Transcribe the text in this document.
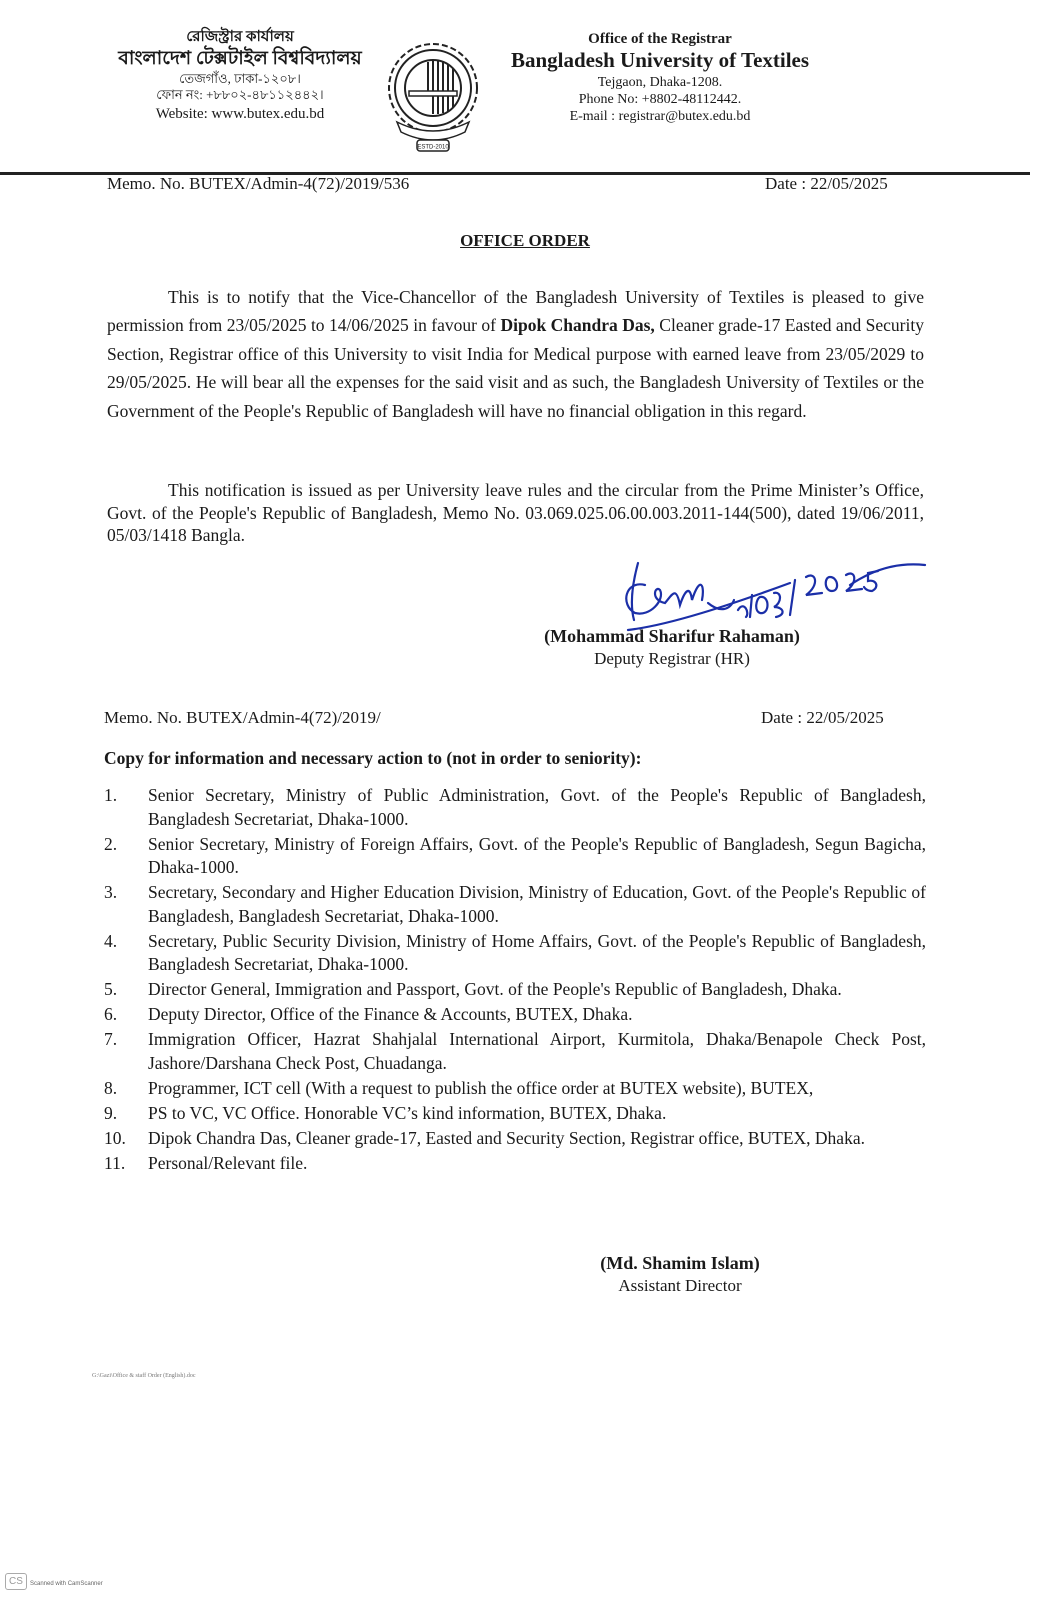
রেজিস্ট্রার কার্যালয়
বাংলাদেশ টেক্সটাইল বিশ্ববিদ্যালয়
তেজগাঁও, ঢাকা-১২০৮।
ফোন নং: +৮৮০২-৪৮১১২৪৪২।
Website: www.butex.edu.bd
ESTD-2010
Office of the Registrar
Bangladesh University of Textiles
Tejgaon, Dhaka-1208.
Phone No: +8802-48112442.
E-mail : registrar@butex.edu.bd
Memo. No. BUTEX/Admin-4(72)/2019/536	Date : 22/05/2025
OFFICE ORDER
This is to notify that the Vice-Chancellor of the Bangladesh University of Textiles is pleased to give permission from 23/05/2025 to 14/06/2025 in favour of Dipok Chandra Das, Cleaner grade-17 Easted and Security Section, Registrar office of this University to visit India for Medical purpose with earned leave from 23/05/2029 to 29/05/2025. He will bear all the expenses for the said visit and as such, the Bangladesh University of Textiles or the Government of the People's Republic of Bangladesh will have no financial obligation in this regard.
This notification is issued as per University leave rules and the circular from the Prime Minister’s Office, Govt. of the People's Republic of Bangladesh, Memo No. 03.069.025.06.00.003.2011-144(500), dated 19/06/2011, 05/03/1418 Bangla.
(Mohammad Sharifur Rahaman)
Deputy Registrar (HR)
Memo. No. BUTEX/Admin-4(72)/2019/	Date : 22/05/2025
Copy for information and necessary action to (not in order to seniority):
1.	Senior Secretary, Ministry of Public Administration, Govt. of the People's Republic of Bangladesh, Bangladesh Secretariat, Dhaka-1000.
2.	Senior Secretary, Ministry of Foreign Affairs, Govt. of the People's Republic of Bangladesh, Segun Bagicha, Dhaka-1000.
3.	Secretary, Secondary and Higher Education Division, Ministry of Education, Govt. of the People's Republic of Bangladesh, Bangladesh Secretariat, Dhaka-1000.
4.	Secretary, Public Security Division, Ministry of Home Affairs, Govt. of the People's Republic of Bangladesh, Bangladesh Secretariat, Dhaka-1000.
5.	Director General, Immigration and Passport, Govt. of the People's Republic of Bangladesh, Dhaka.
6.	Deputy Director, Office of the Finance & Accounts, BUTEX, Dhaka.
7.	Immigration Officer, Hazrat Shahjalal International Airport, Kurmitola, Dhaka/Benapole Check Post, Jashore/Darshana Check Post, Chuadanga.
8.	Programmer, ICT cell (With a request to publish the office order at BUTEX website), BUTEX,
9.	PS to VC, VC Office. Honorable VC’s kind information, BUTEX, Dhaka.
10.	Dipok Chandra Das, Cleaner grade-17, Easted and Security Section, Registrar office, BUTEX, Dhaka.
11.	Personal/Relevant file.
(Md. Shamim Islam)
Assistant Director
G:\Gazi\Office & staff Order (English).doc
CS	Scanned with CamScanner
